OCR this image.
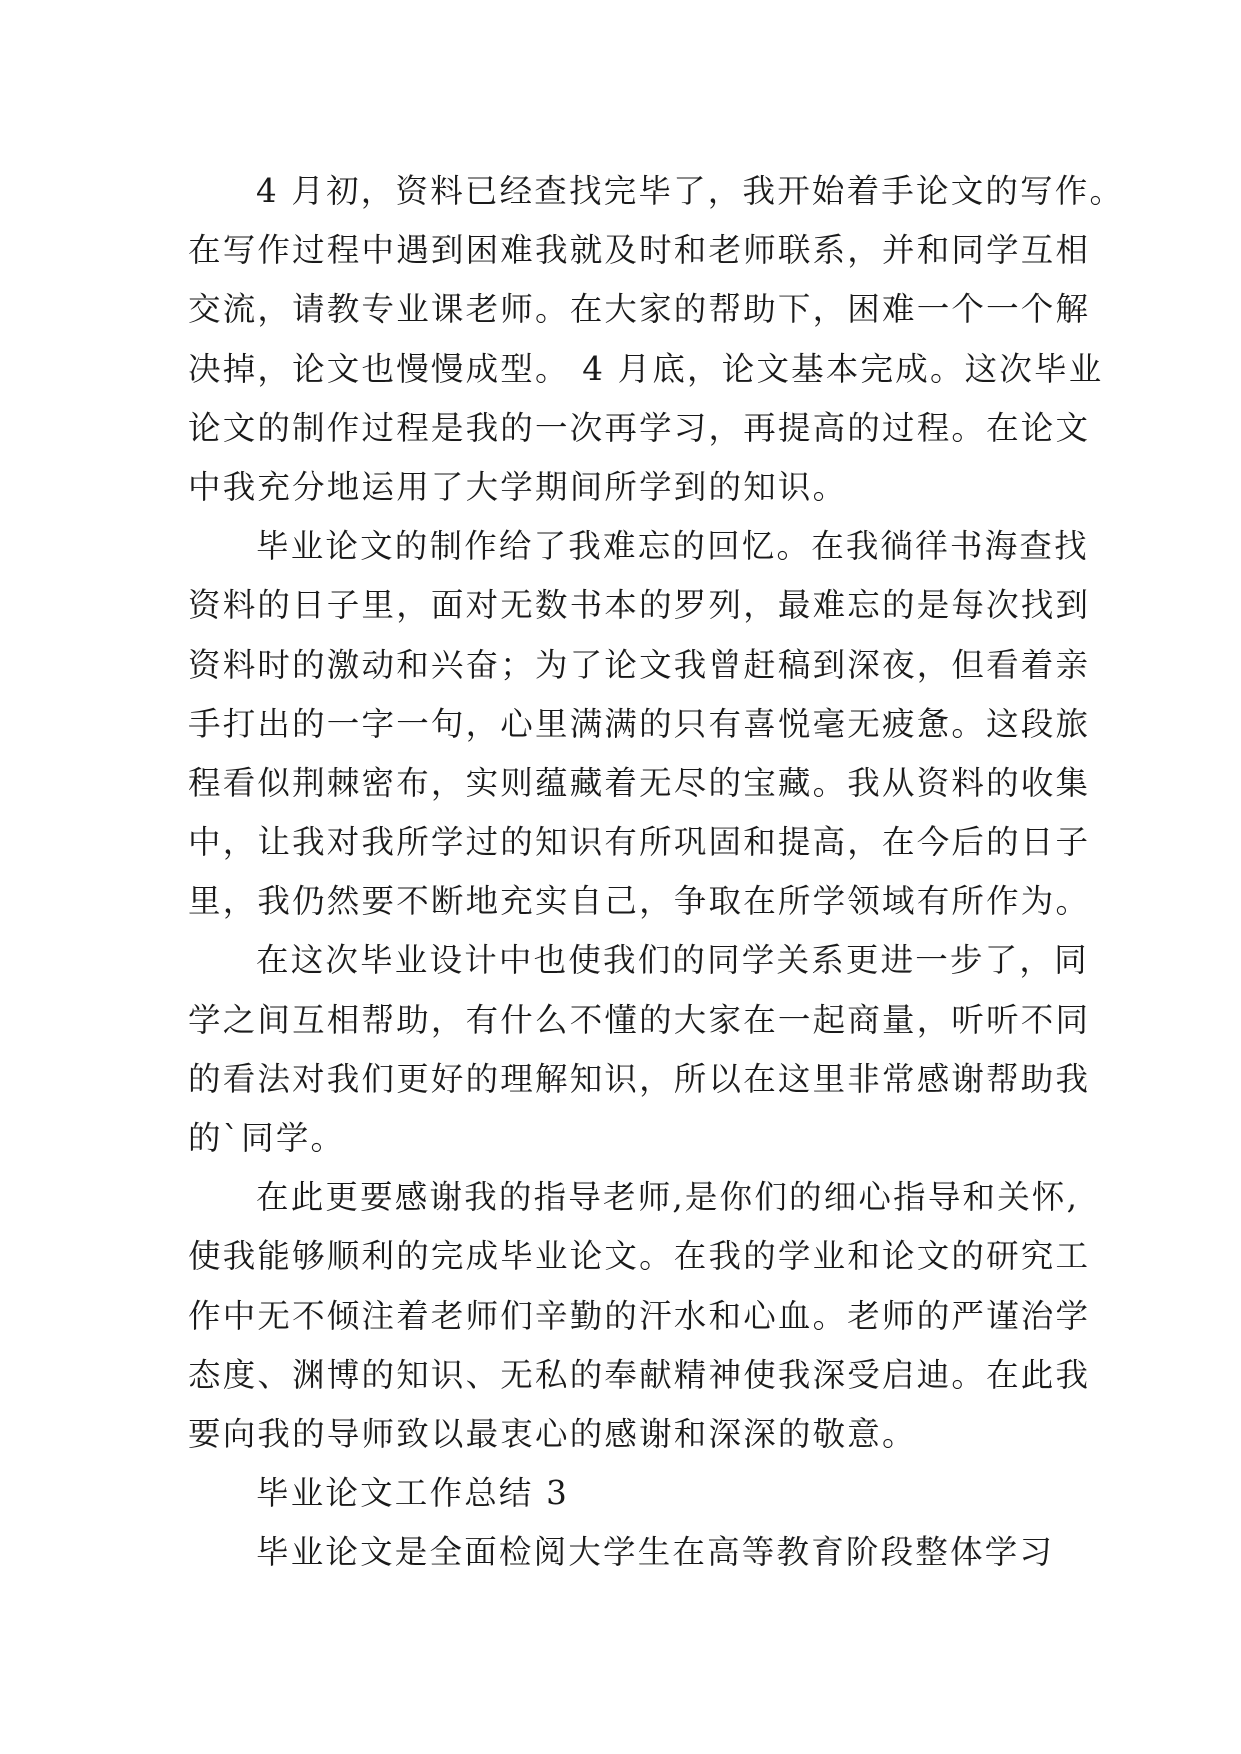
4 月初，资料已经查找完毕了，我开始着手论文的写作。
在写作过程中遇到困难我就及时和老师联系，并和同学互相
交流，请教专业课老师。在大家的帮助下，困难一个一个解
决掉，论文也慢慢成型。 4 月底，论文基本完成。这次毕业
论文的制作过程是我的一次再学习，再提高的过程。在论文
中我充分地运用了大学期间所学到的知识。
毕业论文的制作给了我难忘的回忆。在我徜徉书海查找
资料的日子里，面对无数书本的罗列，最难忘的是每次找到
资料时的激动和兴奋；为了论文我曾赶稿到深夜，但看着亲
手打出的一字一句，心里满满的只有喜悦毫无疲惫。这段旅
程看似荆棘密布，实则蕴藏着无尽的宝藏。我从资料的收集
中，让我对我所学过的知识有所巩固和提高，在今后的日子
里，我仍然要不断地充实自己，争取在所学领域有所作为。
在这次毕业设计中也使我们的同学关系更进一步了，同
学之间互相帮助，有什么不懂的大家在一起商量，听听不同
的看法对我们更好的理解知识，所以在这里非常感谢帮助我
的`同学。
在此更要感谢我的指导老师,是你们的细心指导和关怀,
使我能够顺利的完成毕业论文。在我的学业和论文的研究工
作中无不倾注着老师们辛勤的汗水和心血。老师的严谨治学
态度、渊博的知识、无私的奉献精神使我深受启迪。在此我
要向我的导师致以最衷心的感谢和深深的敬意。
毕业论文工作总结 3
毕业论文是全面检阅大学生在高等教育阶段整体学习
